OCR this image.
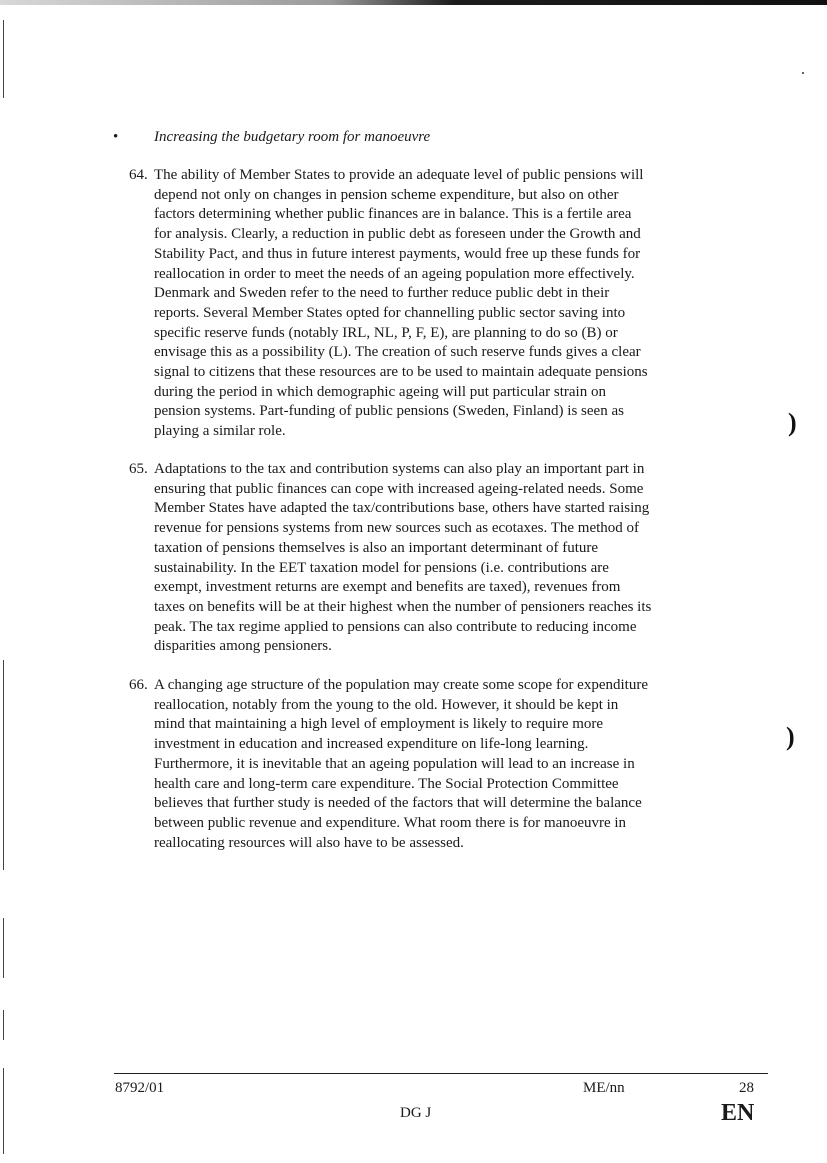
• Increasing the budgetary room for manoeuvre
64. The ability of Member States to provide an adequate level of public pensions will
depend not only on changes in pension scheme expenditure, but also on other
factors determining whether public finances are in balance. This is a fertile area
for analysis. Clearly, a reduction in public debt as foreseen under the Growth and
Stability Pact, and thus in future interest payments, would free up these funds for
reallocation in order to meet the needs of an ageing population more effectively.
Denmark and Sweden refer to the need to further reduce public debt in their
reports. Several Member States opted for channelling public sector saving into
specific reserve funds (notably IRL, NL, P, F, E), are planning to do so (B) or
envisage this as a possibility (L). The creation of such reserve funds gives a clear
signal to citizens that these resources are to be used to maintain adequate pensions
during the period in which demographic ageing will put particular strain on
pension systems. Part-funding of public pensions (Sweden, Finland) is seen as
playing a similar role.
65. Adaptations to the tax and contribution systems can also play an important part in
ensuring that public finances can cope with increased ageing-related needs. Some
Member States have adapted the tax/contributions base, others have started raising
revenue for pensions systems from new sources such as ecotaxes. The method of
taxation of pensions themselves is also an important determinant of future
sustainability. In the EET taxation model for pensions (i.e. contributions are
exempt, investment returns are exempt and benefits are taxed), revenues from
taxes on benefits will be at their highest when the number of pensioners reaches its
peak. The tax regime applied to pensions can also contribute to reducing income
disparities among pensioners.
66. A changing age structure of the population may create some scope for expenditure
reallocation, notably from the young to the old. However, it should be kept in
mind that maintaining a high level of employment is likely to require more
investment in education and increased expenditure on life-long learning.
Furthermore, it is inevitable that an ageing population will lead to an increase in
health care and long-term care expenditure. The Social Protection Committee
believes that further study is needed of the factors that will determine the balance
between public revenue and expenditure. What room there is for manoeuvre in
reallocating resources will also have to be assessed.
)
)
8792/01	ME/nn	28
DG J	EN
